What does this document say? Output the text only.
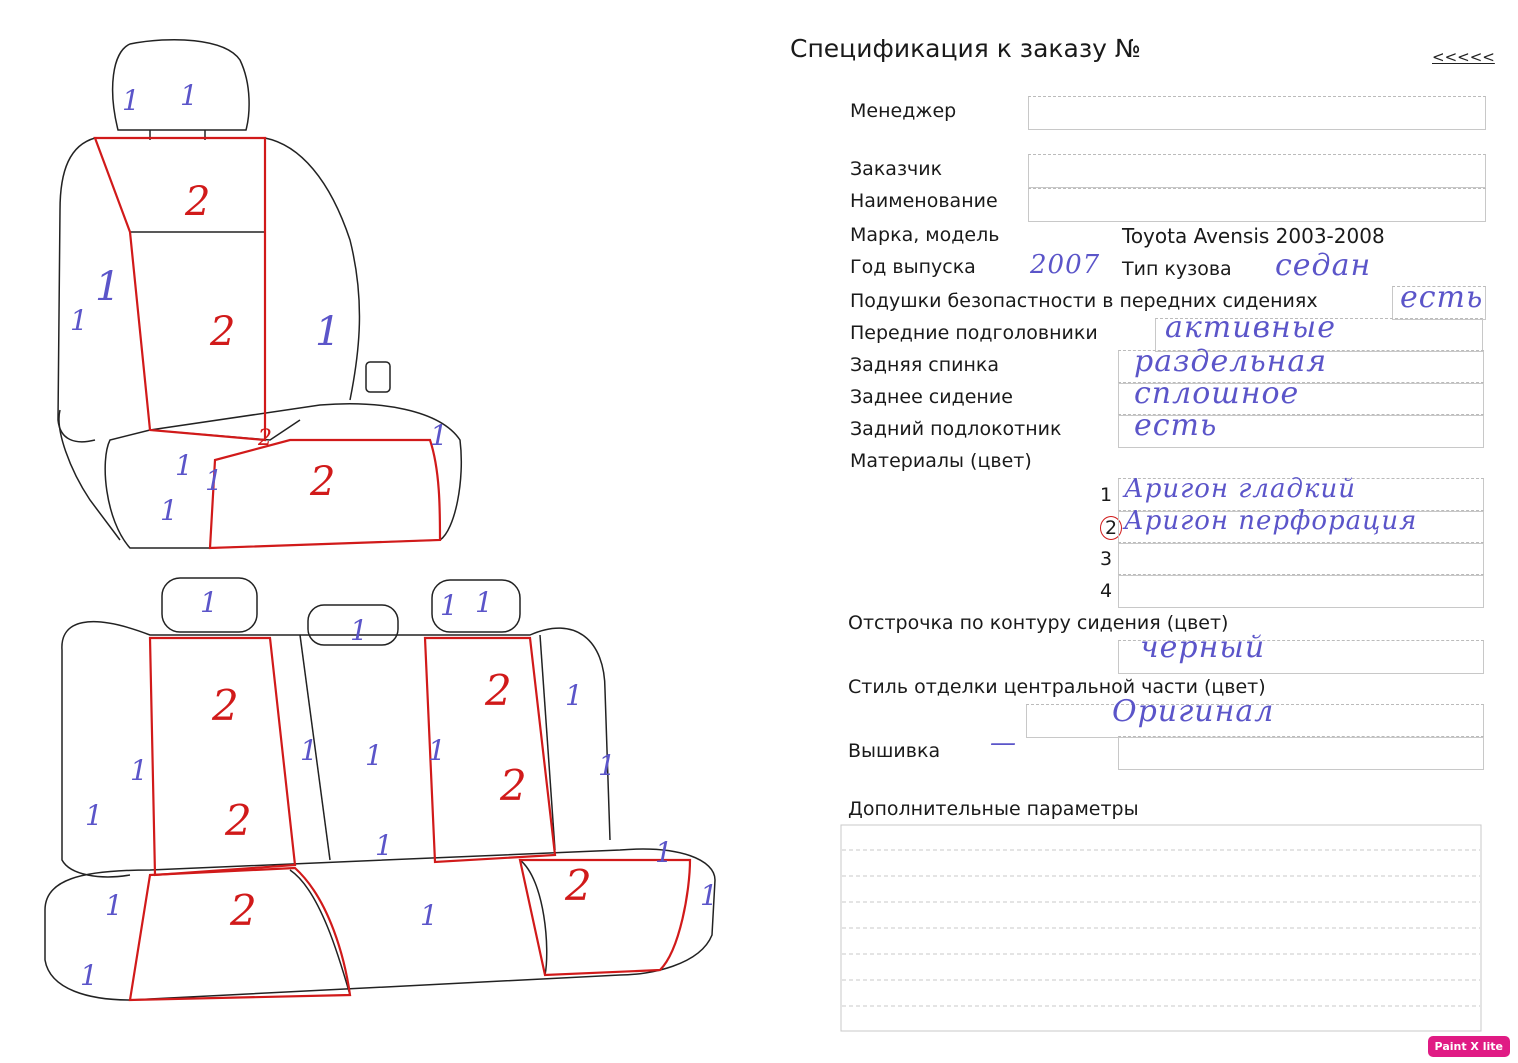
1 1
2
2
1
1	1
2
2
1
1 1
1
1
1
1 1
2
2
2
2
2
2
1
1
1
1
1 1 1
1
1
1
1
1
1
Спецификация к заказу №	<<<<<
Менеджер
Заказчик
Наименование
Марка, модель	Toyota Avensis 2003-2008
Год выпуска 2007 Тип кузова седан
Подушки безопастности в передних сидениях	есть
Передние подголовники активные
Задняя спинка	раздельная
Заднее сидение	сплошное
Задний подлокотник есть
Материалы (цвет)
1 Аригон гладкий
2 Аригон перфорация
3
4
Отстрочка по контуру сидения (цвет)
черный
Стиль отделки центральной части (цвет)
Оригинал
Вышивка —
Дополнительные параметры
Paint X lite
